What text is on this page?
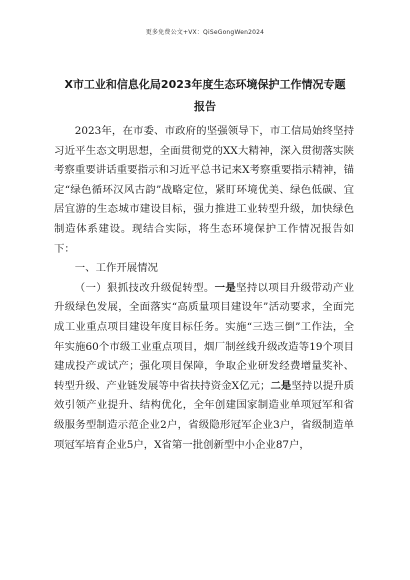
更多免费公文+VX：QiSeGongWen2024
X市工业和信息化局2023年度生态环境保护工作情况专题报告

2023年，在市委、市政府的坚强领导下，市工信局始终坚持习近平生态文明思想，全面贯彻党的XX大精神，深入贯彻落实陕考察重要讲话重要指示和习近平总书记来X考察重要指示精神，锚定“绿色循环汉风古韵”战略定位，紧盯环境优美、绿色低碳、宜居宜游的生态城市建设目标，强力推进工业转型升级，加快绿色制造体系建设。现结合实际，将生态环境保护工作情况报告如下：

一、工作开展情况

（一）狠抓技改升级促转型。一是坚持以项目升级带动产业升级绿色发展，全面落实“高质量项目建设年”活动要求，全面完成工业重点项目建设年度目标任务。实施“三迭三倒”工作法，全年实施60个市级工业重点项目，烟厂制丝线升级改造等19个项目建成投产或试产；强化项目保障，争取企业研发经费增量奖补、转型升级、产业链发展等中省扶持资金X亿元；二是坚持以提升质效引领产业提升、结构优化，全年创建国家制造业单项冠军和省级服务型制造示范企业2户，省级隐形冠军企业3户，省级制造单项冠军培育企业5户，X省第一批创新型中小企业87户，
